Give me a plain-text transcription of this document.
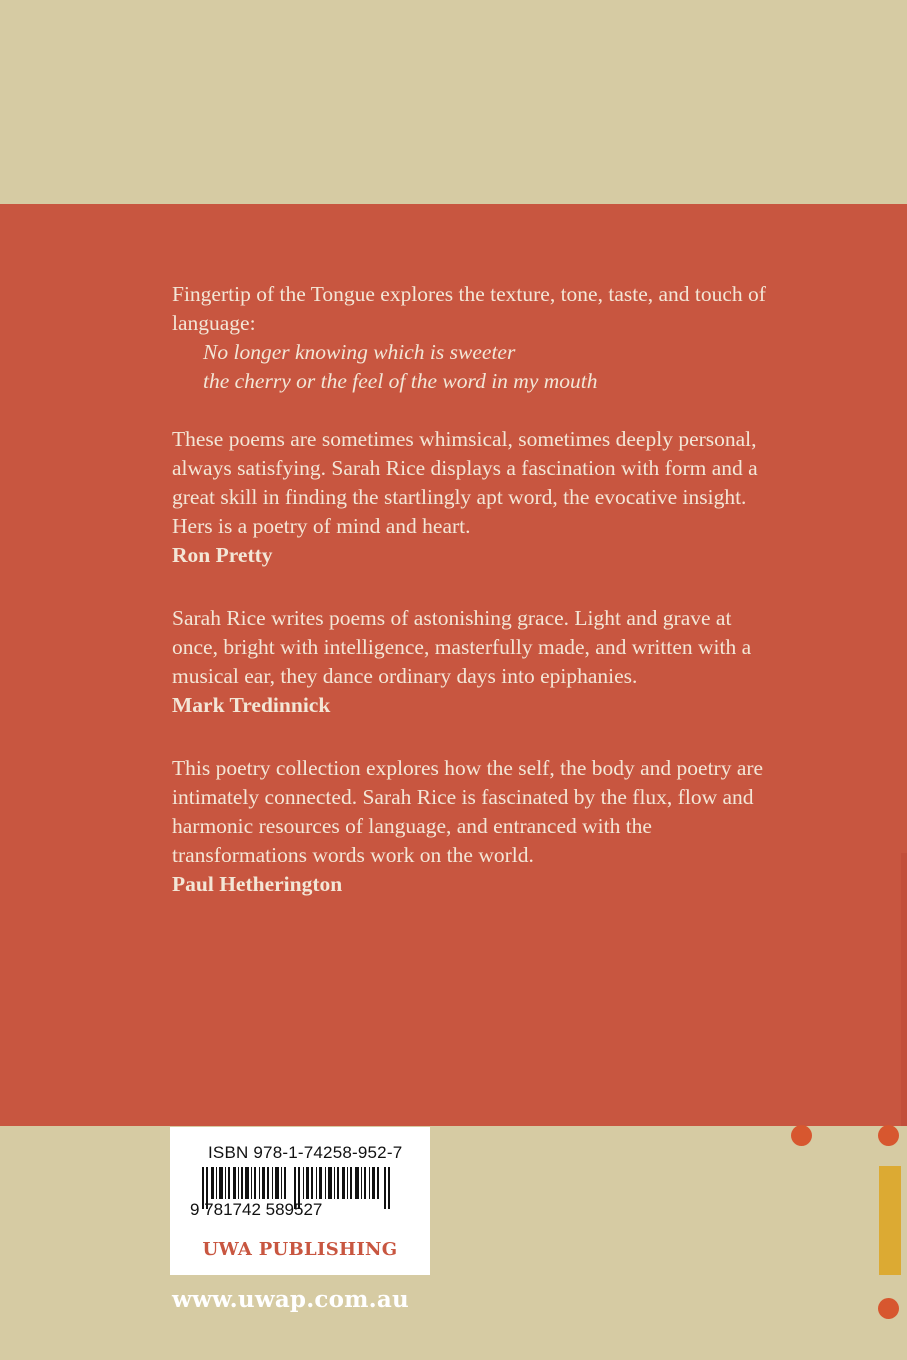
Fingertip of the Tongue explores the texture, tone, taste, and touch of language:

No longer knowing which is sweeter

the cherry or the feel of the word in my mouth

These poems are sometimes whimsical, sometimes deeply personal, always satisfying. Sarah Rice displays a fascination with form and a great skill in finding the startlingly apt word, the evocative insight. Hers is a poetry of mind and heart.

Ron Pretty

Sarah Rice writes poems of astonishing grace. Light and grave at once, bright with intelligence, masterfully made, and written with a musical ear, they dance ordinary days into epiphanies.

Mark Tredinnick

This poetry collection explores how the self, the body and poetry are intimately connected. Sarah Rice is fascinated by the flux, flow and harmonic resources of language, and entranced with the transformations words work on the world.

Paul Hetherington

ISBN 978-1-74258-952-7
9 781742 589527
UWA PUBLISHING
www.uwap.com.au
